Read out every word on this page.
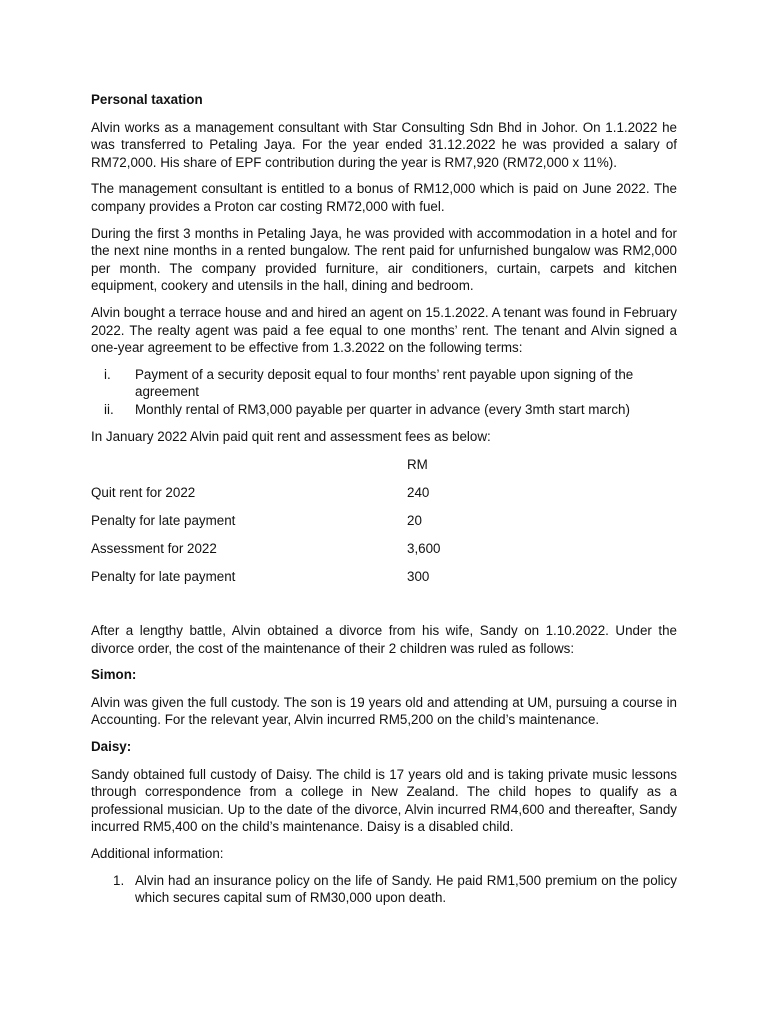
Personal taxation

Alvin works as a management consultant with Star Consulting Sdn Bhd in Johor. On 1.1.2022 he was transferred to Petaling Jaya. For the year ended 31.12.2022 he was provided a salary of RM72,000. His share of EPF contribution during the year is RM7,920 (RM72,000 x 11%).

The management consultant is entitled to a bonus of RM12,000 which is paid on June 2022. The company provides a Proton car costing RM72,000 with fuel.

During the first 3 months in Petaling Jaya, he was provided with accommodation in a hotel and for the next nine months in a rented bungalow. The rent paid for unfurnished bungalow was RM2,000 per month. The company provided furniture, air conditioners, curtain, carpets and kitchen equipment, cookery and utensils in the hall, dining and bedroom.

Alvin bought a terrace house and and hired an agent on 15.1.2022. A tenant was found in February 2022. The realty agent was paid a fee equal to one months’ rent. The tenant and Alvin signed a one-year agreement to be effective from 1.3.2022 on the following terms:

i.	Payment of a security deposit equal to four months’ rent payable upon signing of the agreement
ii.	Monthly rental of RM3,000 payable per quarter in advance (every 3mth start march)

In January 2022 Alvin paid quit rent and assessment fees as below:

RM
Quit rent for 2022	240
Penalty for late payment	20
Assessment for 2022	3,600
Penalty for late payment	300

After a lengthy battle, Alvin obtained a divorce from his wife, Sandy on 1.10.2022. Under the divorce order, the cost of the maintenance of their 2 children was ruled as follows:

Simon:

Alvin was given the full custody. The son is 19 years old and attending at UM, pursuing a course in Accounting. For the relevant year, Alvin incurred RM5,200 on the child’s maintenance.

Daisy:

Sandy obtained full custody of Daisy. The child is 17 years old and is taking private music lessons through correspondence from a college in New Zealand. The child hopes to qualify as a professional musician. Up to the date of the divorce, Alvin incurred RM4,600 and thereafter, Sandy incurred RM5,400 on the child’s maintenance. Daisy is a disabled child.

Additional information:

1. Alvin had an insurance policy on the life of Sandy. He paid RM1,500 premium on the policy which secures capital sum of RM30,000 upon death.
